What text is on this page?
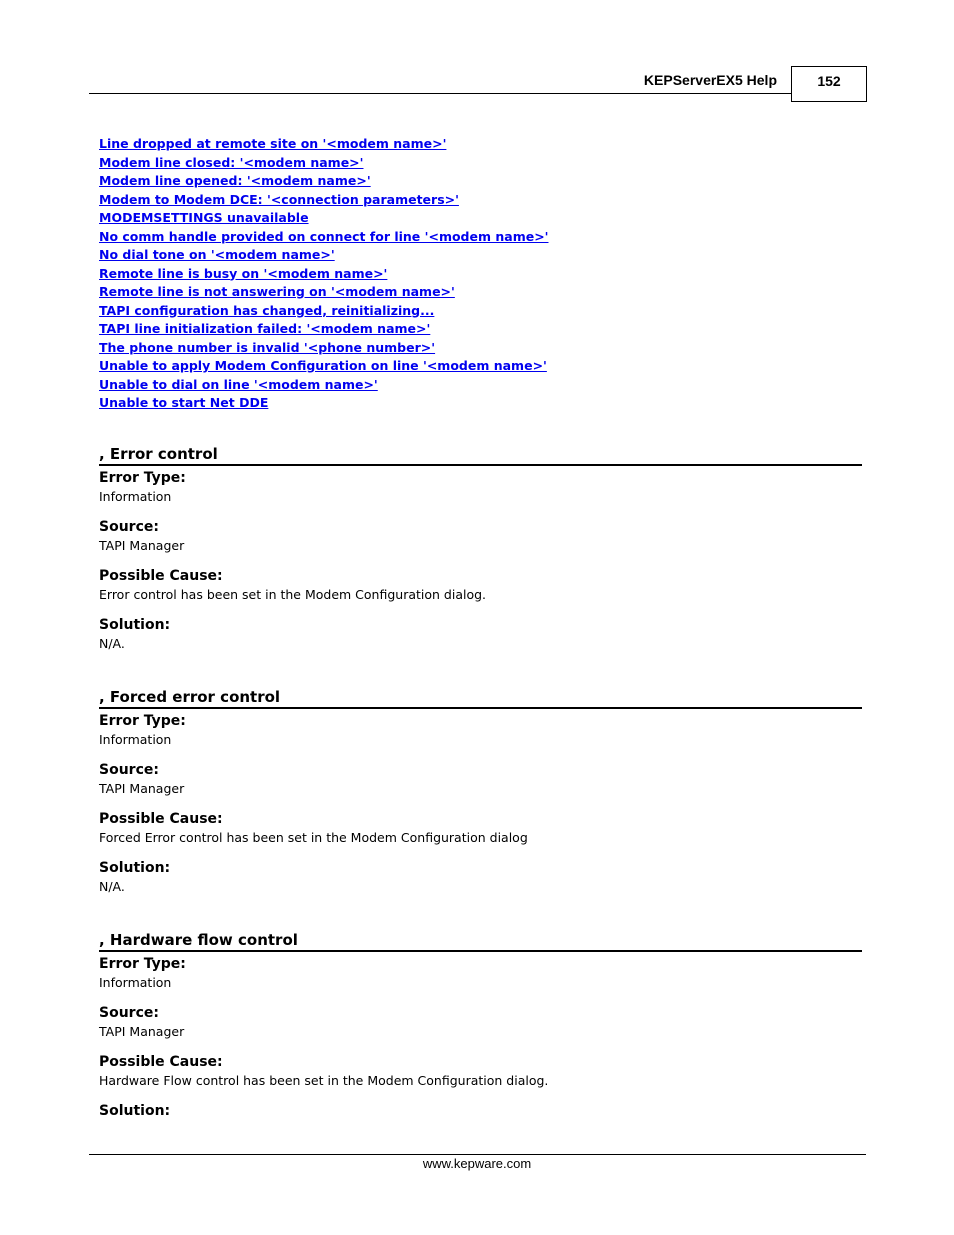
KEPServerEX5 Help	152
Line dropped at remote site on '<modem name>'
Modem line closed: '<modem name>'
Modem line opened: '<modem name>'
Modem to Modem DCE: '<connection parameters>'
MODEMSETTINGS unavailable
No comm handle provided on connect for line '<modem name>'
No dial tone on '<modem name>'
Remote line is busy on '<modem name>'
Remote line is not answering on '<modem name>'
TAPI configuration has changed, reinitializing...
TAPI line initialization failed: '<modem name>'
The phone number is invalid '<phone number>'
Unable to apply Modem Configuration on line '<modem name>'
Unable to dial on line '<modem name>'
Unable to start Net DDE
, Error control
Error Type:
Information
Source:
TAPI Manager
Possible Cause:
Error control has been set in the Modem Configuration dialog.
Solution:
N/A.
, Forced error control
Error Type:
Information
Source:
TAPI Manager
Possible Cause:
Forced Error control has been set in the Modem Configuration dialog
Solution:
N/A.
, Hardware flow control
Error Type:
Information
Source:
TAPI Manager
Possible Cause:
Hardware Flow control has been set in the Modem Configuration dialog.
Solution:
www.kepware.com
